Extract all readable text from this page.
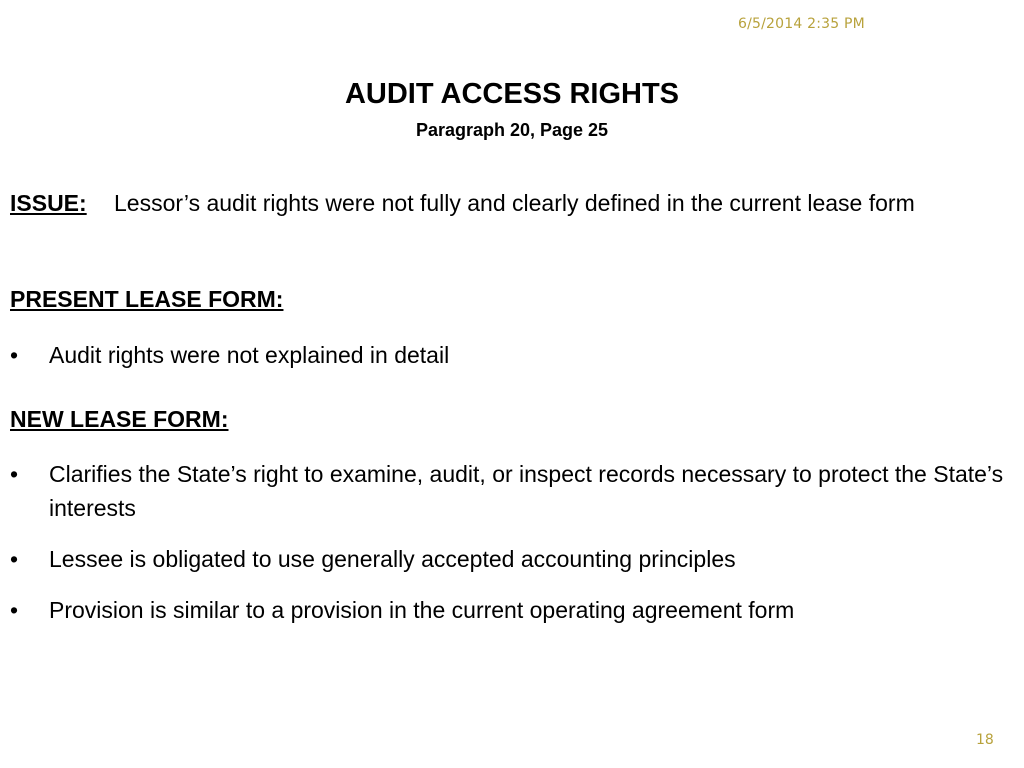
6/5/2014 2:35 PM
AUDIT ACCESS RIGHTS
Paragraph 20, Page 25
ISSUE: Lessor’s audit rights were not fully and clearly defined in the current lease form
PRESENT LEASE FORM:
• Audit rights were not explained in detail
NEW LEASE FORM:
• Clarifies the State’s right to examine, audit, or inspect records necessary to protect the State’s interests
• Lessee is obligated to use generally accepted accounting principles
• Provision is similar to a provision in the current operating agreement form
18
